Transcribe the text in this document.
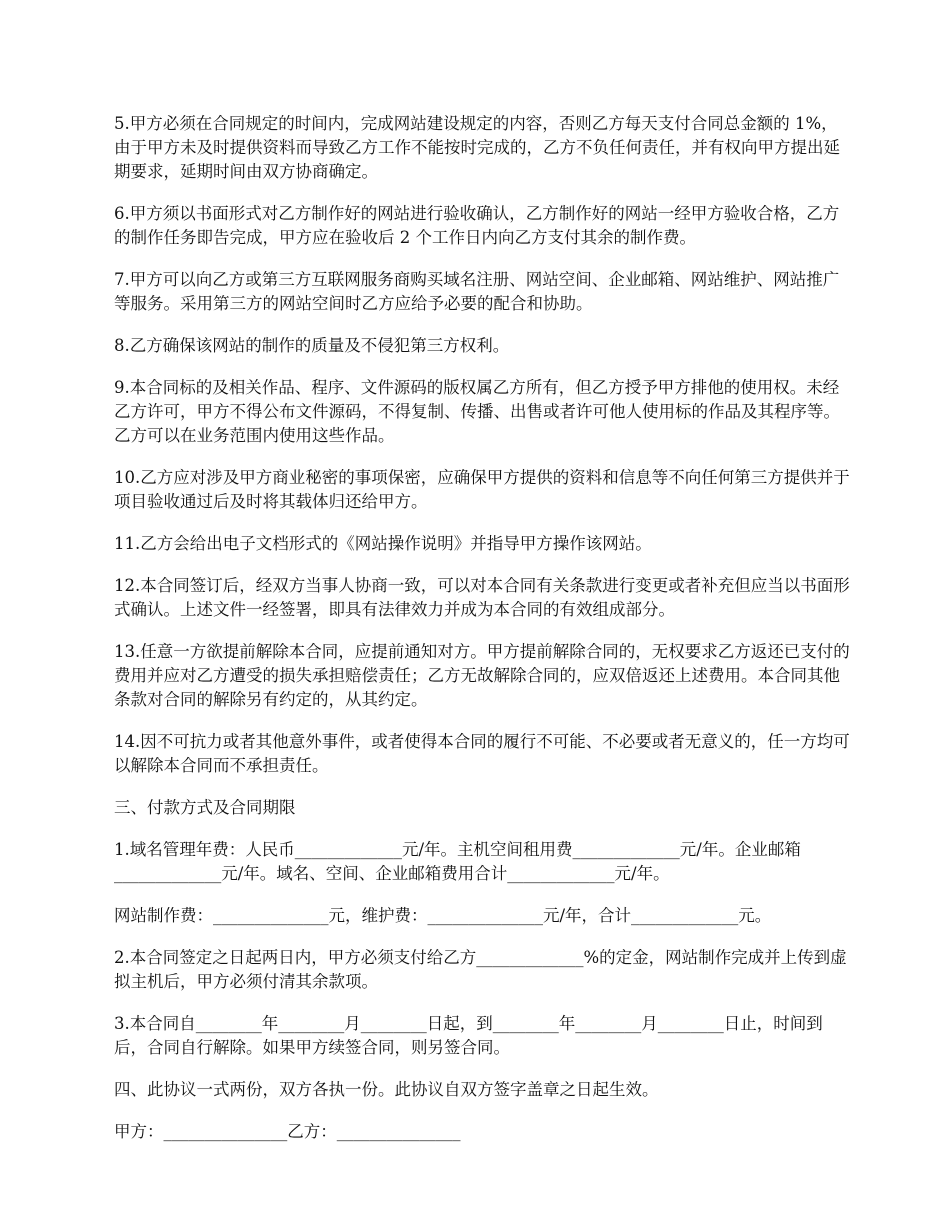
5.甲方必须在合同规定的时间内，完成网站建设规定的内容，否则乙方每天支付合同总金额的 1%，由于甲方未及时提供资料而导致乙方工作不能按时完成的，乙方不负任何责任，并有权向甲方提出延期要求，延期时间由双方协商确定。

6.甲方须以书面形式对乙方制作好的网站进行验收确认，乙方制作好的网站一经甲方验收合格，乙方的制作任务即告完成，甲方应在验收后 2 个工作日内向乙方支付其余的制作费。

7.甲方可以向乙方或第三方互联网服务商购买域名注册、网站空间、企业邮箱、网站维护、网站推广等服务。采用第三方的网站空间时乙方应给予必要的配合和协助。

8.乙方确保该网站的制作的质量及不侵犯第三方权利。

9.本合同标的及相关作品、程序、文件源码的版权属乙方所有，但乙方授予甲方排他的使用权。未经乙方许可，甲方不得公布文件源码，不得复制、传播、出售或者许可他人使用标的作品及其程序等。乙方可以在业务范围内使用这些作品。

10.乙方应对涉及甲方商业秘密的事项保密，应确保甲方提供的资料和信息等不向任何第三方提供并于项目验收通过后及时将其载体归还给甲方。

11.乙方会给出电子文档形式的《网站操作说明》并指导甲方操作该网站。

12.本合同签订后，经双方当事人协商一致，可以对本合同有关条款进行变更或者补充但应当以书面形式确认。上述文件一经签署，即具有法律效力并成为本合同的有效组成部分。

13.任意一方欲提前解除本合同，应提前通知对方。甲方提前解除合同的，无权要求乙方返还已支付的费用并应对乙方遭受的损失承担赔偿责任；乙方无故解除合同的，应双倍返还上述费用。本合同其他条款对合同的解除另有约定的，从其约定。

14.因不可抗力或者其他意外事件，或者使得本合同的履行不可能、不必要或者无意义的，任一方均可以解除本合同而不承担责任。

三、付款方式及合同期限

1.域名管理年费：人民币_____________元/年。主机空间租用费_____________元/年。企业邮箱_____________元/年。域名、空间、企业邮箱费用合计_____________元/年。

网站制作费：______________元，维护费：______________元/年，合计_____________元。

2.本合同签定之日起两日内，甲方必须支付给乙方_____________%的定金，网站制作完成并上传到虚拟主机后，甲方必须付清其余款项。

3.本合同自________年________月________日起，到________年________月________日止，时间到后，合同自行解除。如果甲方续签合同，则另签合同。

四、此协议一式两份，双方各执一份。此协议自双方签字盖章之日起生效。

甲方：_______________乙方：_______________
